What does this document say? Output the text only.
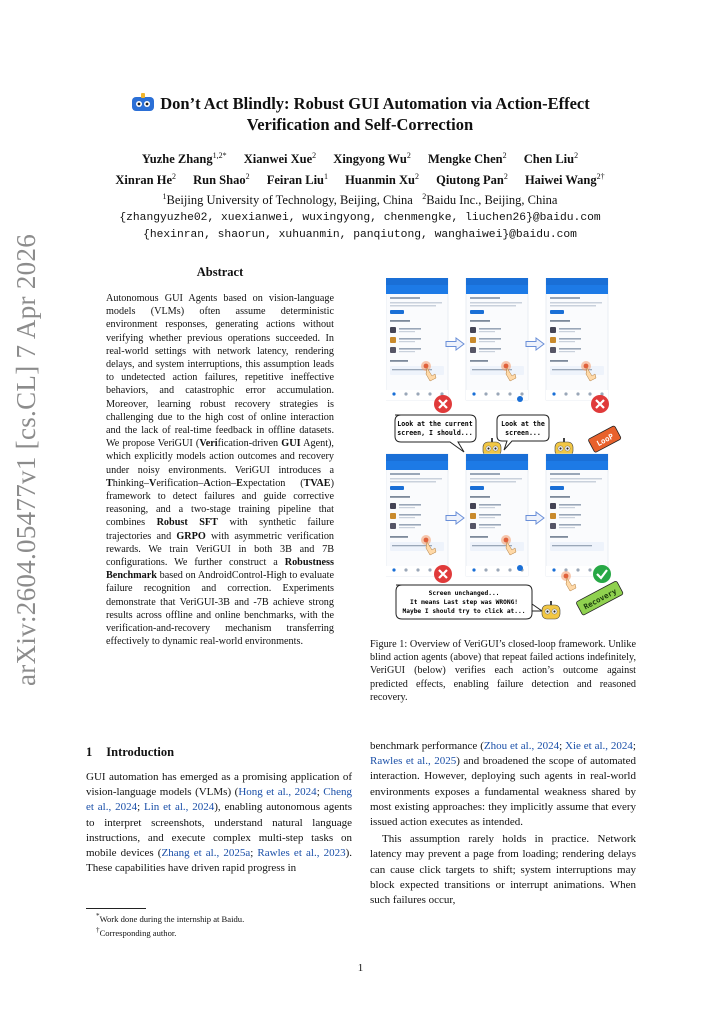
arXiv:2604.05477v1 [cs.CL] 7 Apr 2026
Don’t Act Blindly: Robust GUI Automation via Action-Effect
Verification and Self-Correction
Yuzhe Zhang$^{1,2*}$ Xianwei Xue$^2$ Xingyong Wu$^2$ Mengke Chen$^2$ Chen Liu$^2$
Xinran He$^2$ Run Shao$^2$ Feiran Liu$^1$ Huanmin Xu$^2$ Qiutong Pan$^2$ Haiwei Wang$^{2\dagger}$
$^1$Beijing University of Technology, Beijing, China $^2$Baidu Inc., Beijing, China
{zhangyuzhe02, xuexianwei, wuxingyong, chenmengke, liuchen26}@baidu.com
{hexinran, shaorun, xuhuanmin, panqiutong, wanghaiwei}@baidu.com
Abstract
Autonomous GUI Agents based on vision-language models (VLMs) often assume deterministic environment responses, generating actions without verifying whether previous operations succeeded. In real-world settings with network latency, rendering delays, and system interruptions, this assumption leads to undetected action failures, repetitive ineffective behaviors, and catastrophic error accumulation. Moreover, learning robust recovery strategies is challenging due to the high cost of online interaction and the lack of real-time feedback in offline datasets. We propose VeriGUI (Verification-driven GUI Agent), which explicitly models action outcomes and recovery under noisy environments. VeriGUI introduces a Thinking–Verification–Action–Expectation (TVAE) framework to detect failures and guide corrective reasoning, and a two-stage training pipeline that combines Robust SFT with synthetic failure trajectories and GRPO with asymmetric verification rewards. We train VeriGUI in both 3B and 7B configurations. We further construct a Robustness Benchmark based on AndroidControl-High to evaluate failure recognition and correction. Experiments demonstrate that VeriGUI-3B and -7B achieve strong results across offline and online benchmarks, with the verification-and-recovery mechanism transferring effectively to dynamic real-world environments.
Look at the current
screen, I should...
Look at the
screen...	LooP
Screen unchanged...
It means Last step was WRONG!
Maybe I should try to click at...
Recovery
Figure 1: Overview of VeriGUI’s closed-loop framework. Unlike blind action agents (above) that repeat failed actions indefinitely, VeriGUI (below) verifies each action’s outcome against predicted effects, enabling failure detection and reasoned recovery.
1 Introduction
GUI automation has emerged as a promising application of vision-language models (VLMs) (Hong et al., 2024; Cheng et al., 2024; Lin et al., 2024), enabling autonomous agents to interpret screenshots, understand natural language instructions, and execute complex multi-step tasks on mobile devices (Zhang et al., 2025a; Rawles et al., 2023). These capabilities have driven rapid progress in

benchmark performance (Zhou et al., 2024; Xie et al., 2024; Rawles et al., 2025) and broadened the scope of automated interaction. However, deploying such agents in real-world environments exposes a fundamental weakness shared by most existing approaches: they implicitly assume that every issued action executes as intended.

This assumption rarely holds in practice. Network latency may prevent a page from loading; rendering delays can cause click targets to shift; system interruptions may block expected transitions or interrupt animations. When such failures occur,

*Work done during the internship at Baidu.
†Corresponding author.
1
